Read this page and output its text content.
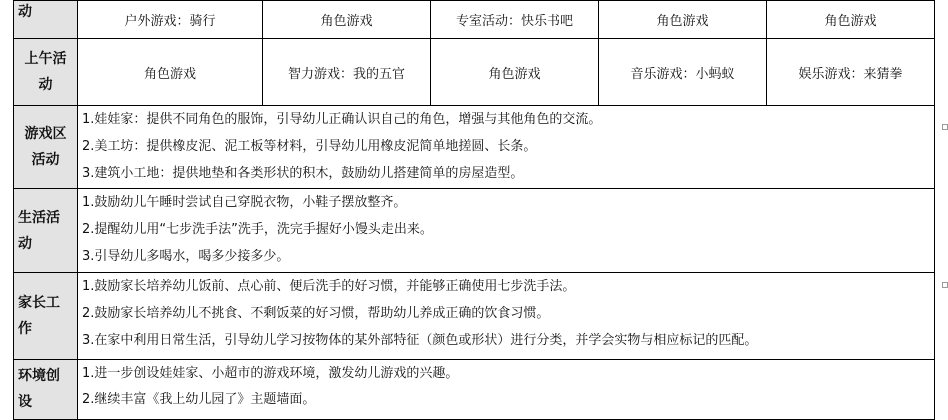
动	户外游戏：骑行	角色游戏	专室活动：快乐书吧	角色游戏	角色游戏
上午活动	角色游戏	智力游戏：我的五官	角色游戏	音乐游戏：小蚂蚁	娱乐游戏：来猜拳
游戏区活动	1.娃娃家：提供不同角色的服饰，引导幼儿正确认识自己的角色，增强与其他角色的交流。
2.美工坊：提供橡皮泥、泥工板等材料，引导幼儿用橡皮泥简单地搓圆、长条。
3.建筑小工地：提供地垫和各类形状的积木，鼓励幼儿搭建简单的房屋造型。				

生活活动	1.鼓励幼儿午睡时尝试自己穿脱衣物，小鞋子摆放整齐。
2.提醒幼儿用“七步洗手法”洗手，洗完手握好小馒头走出来。
3.引导幼儿多喝水，喝多少接多少。				

家长工作	1.鼓励家长培养幼儿饭前、点心前、便后洗手的好习惯，并能够正确使用七步洗手法。
2.鼓励家长培养幼儿不挑食、不剩饭菜的好习惯，帮助幼儿养成正确的饮食习惯。
3.在家中利用日常生活，引导幼儿学习按物体的某外部特征（颜色或形状）进行分类，并学会实物与相应标记的匹配。				

环境创设	1.进一步创设娃娃家、小超市的游戏环境，激发幼儿游戏的兴趣。
2.继续丰富《我上幼儿园了》主题墙面。				
